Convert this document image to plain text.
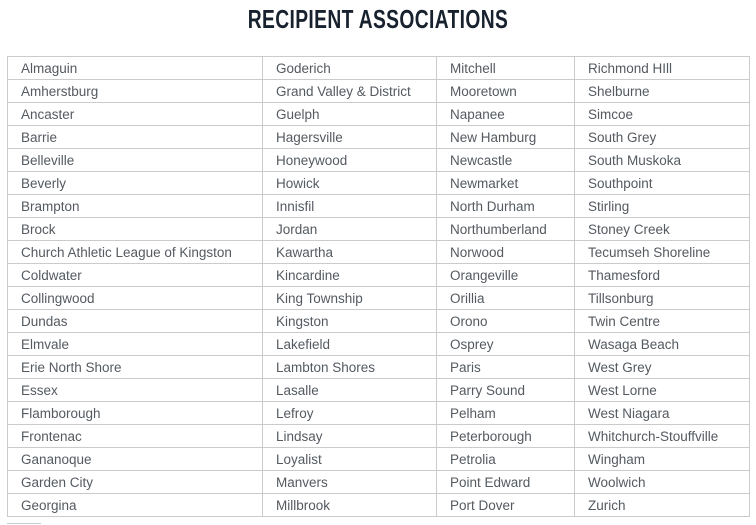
RECIPIENT ASSOCIATIONS
Almaguin	Goderich	Mitchell	Richmond HIll
Amherstburg	Grand Valley & District	Mooretown	Shelburne
Ancaster	Guelph	Napanee	Simcoe
Barrie	Hagersville	New Hamburg	South Grey
Belleville	Honeywood	Newcastle	South Muskoka
Beverly	Howick	Newmarket	Southpoint
Brampton	Innisfil	North Durham	Stirling
Brock	Jordan	Northumberland	Stoney Creek
Church Athletic League of Kingston	Kawartha	Norwood	Tecumseh Shoreline
Coldwater	Kincardine	Orangeville	Thamesford
Collingwood	King Township	Orillia	Tillsonburg
Dundas	Kingston	Orono	Twin Centre
Elmvale	Lakefield	Osprey	Wasaga Beach
Erie North Shore	Lambton Shores	Paris	West Grey
Essex	Lasalle	Parry Sound	West Lorne
Flamborough	Lefroy	Pelham	West Niagara
Frontenac	Lindsay	Peterborough	Whitchurch-Stouffville
Gananoque	Loyalist	Petrolia	Wingham
Garden City	Manvers	Point Edward	Woolwich
Georgina	Millbrook	Port Dover	Zurich
